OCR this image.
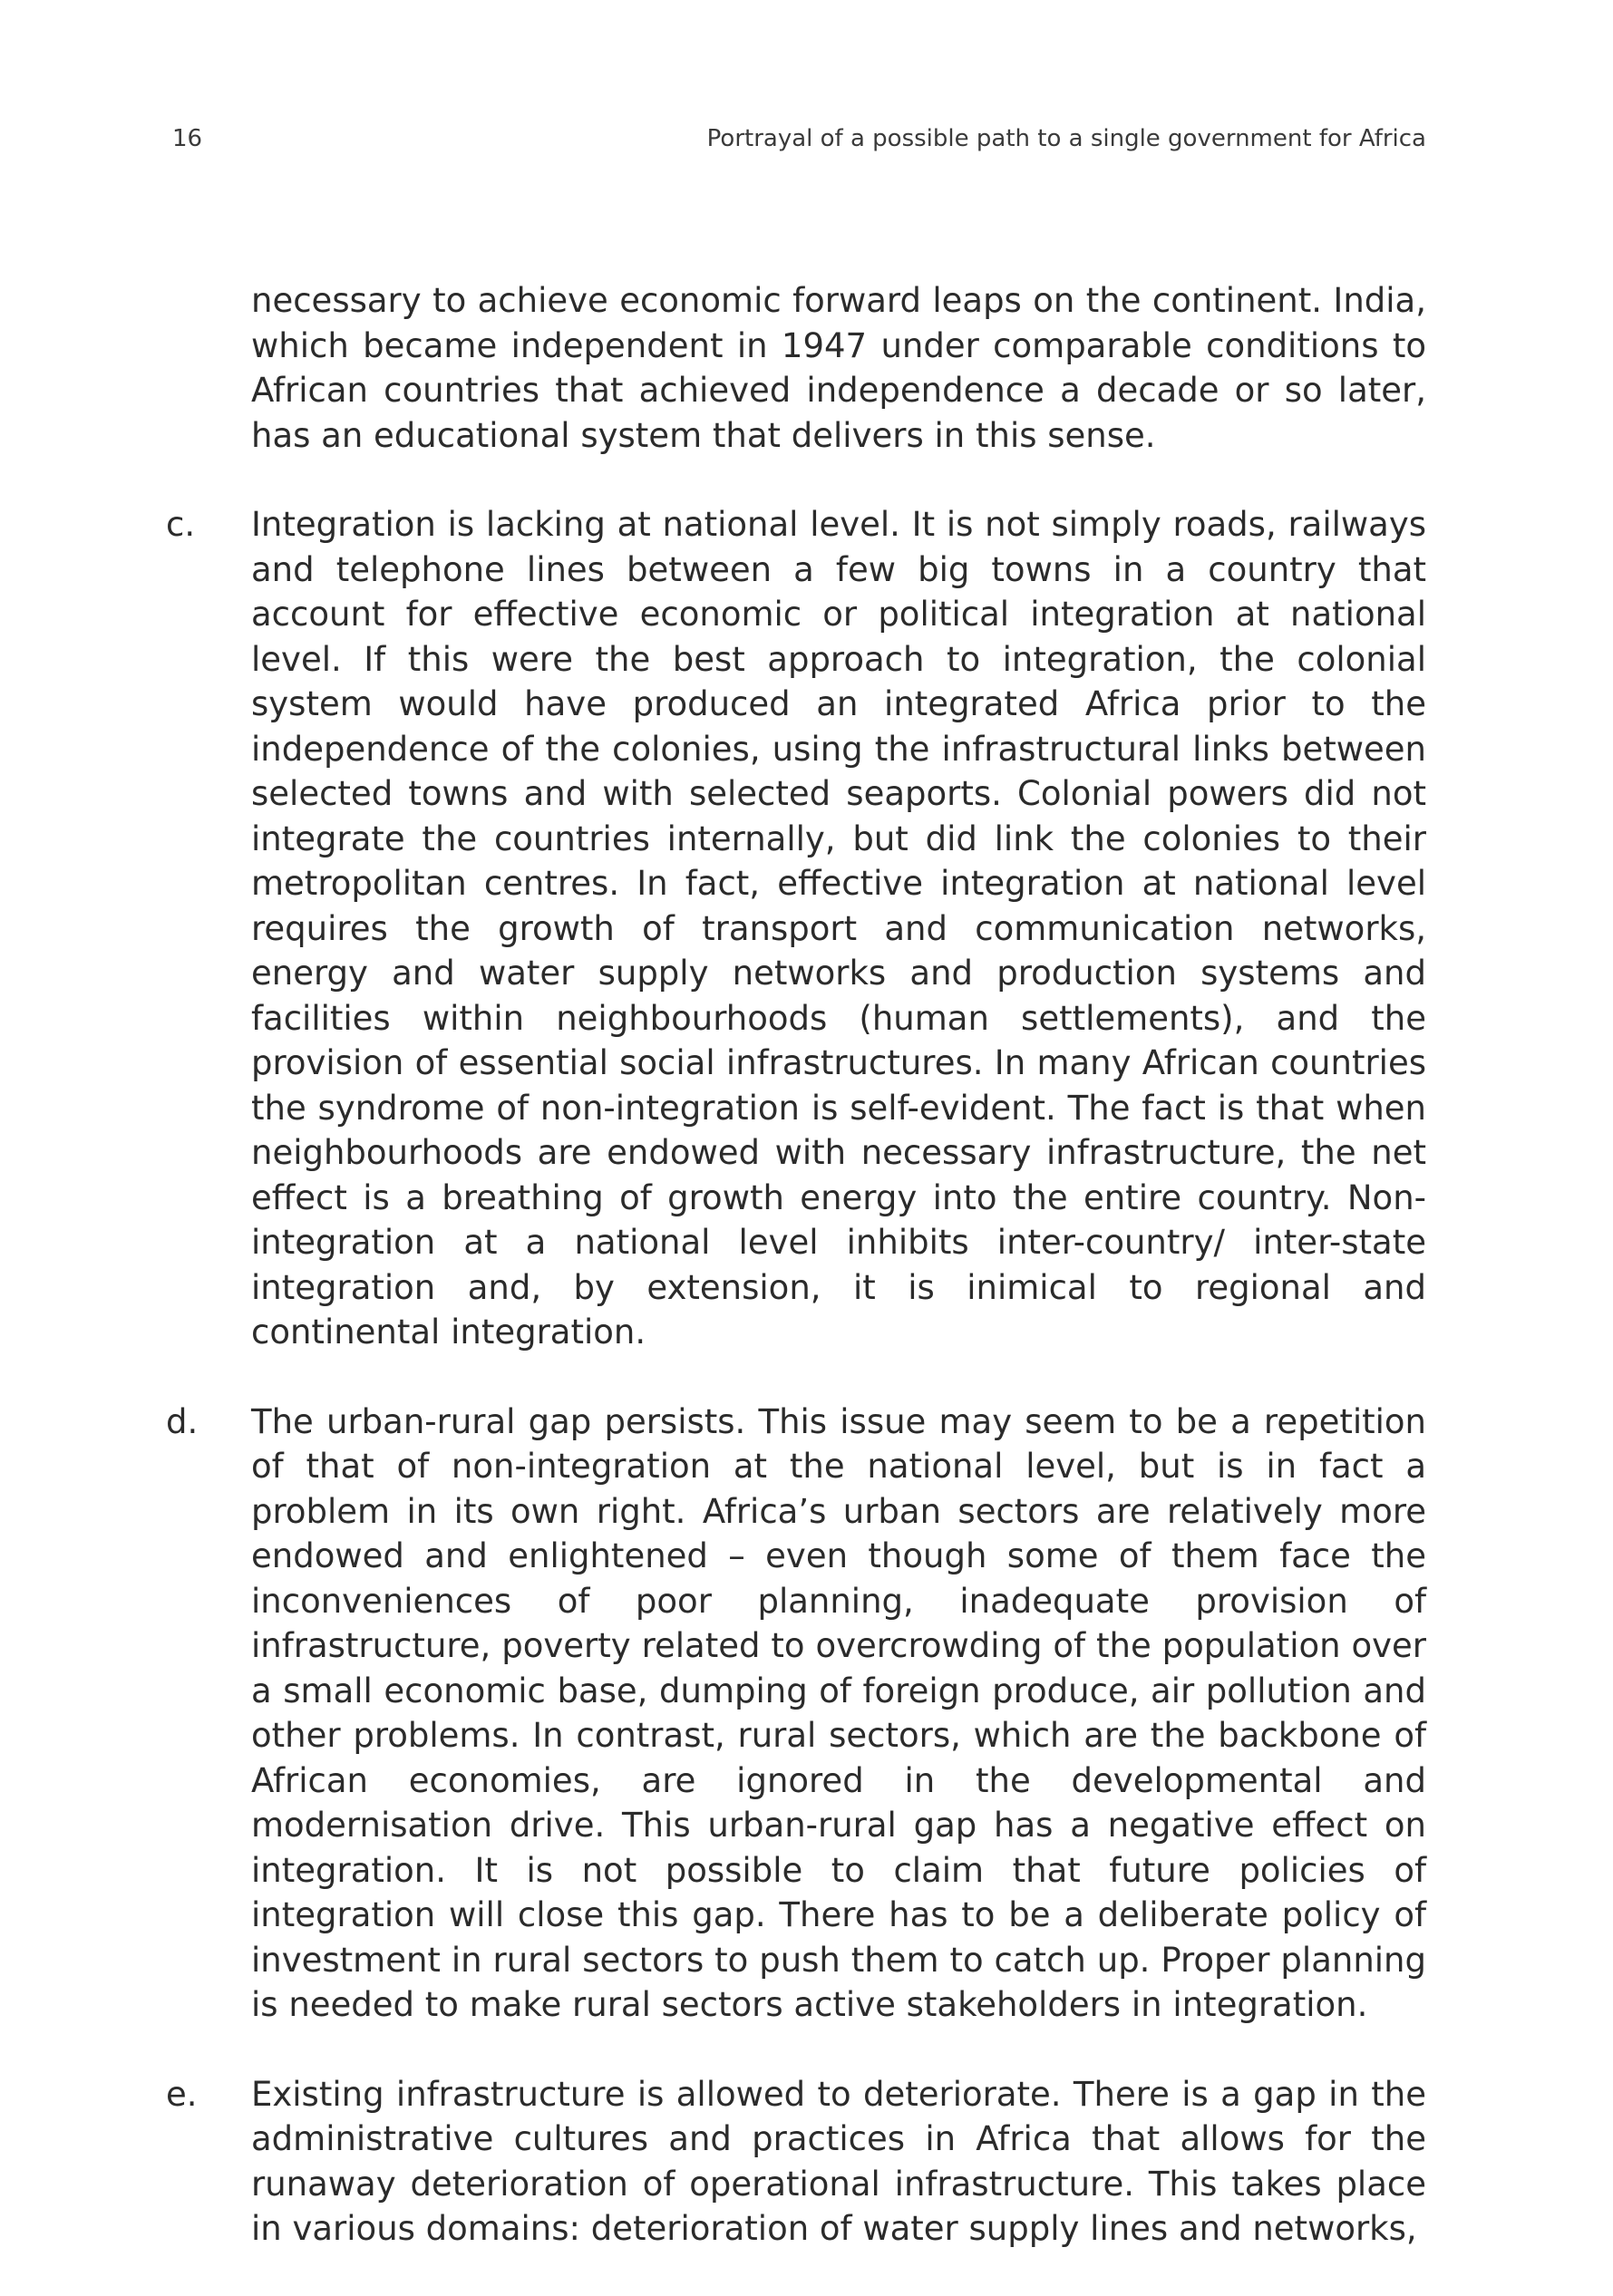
16	Portrayal of a possible path to a single government for Africa

necessary to achieve economic forward leaps on the continent. India, which became independent in 1947 under comparable conditions to African countries that achieved independence a decade or so later, has an educational system that delivers in this sense.

c. Integration is lacking at national level. It is not simply roads, railways and telephone lines between a few big towns in a country that account for effective economic or political integration at national level. If this were the best approach to integration, the colonial system would have produced an integrated Africa prior to the independence of the colonies, using the infrastructural links between selected towns and with selected seaports. Colonial powers did not integrate the countries internally, but did link the colonies to their metropolitan centres. In fact, effective integration at national level requires the growth of transport and communication networks, energy and water supply networks and production systems and facilities within neighbourhoods (human settlements), and the provision of essential social infrastructures. In many African countries the syndrome of non-integration is self-evident. The fact is that when neighbourhoods are endowed with necessary infrastructure, the net effect is a breathing of growth energy into the entire country. Non-integration at a national level inhibits inter-country/ inter-state integration and, by extension, it is inimical to regional and continental integration.
d. The urban-rural gap persists. This issue may seem to be a repetition of that of non-integration at the national level, but is in fact a problem in its own right. Africa’s urban sectors are relatively more endowed and enlightened – even though some of them face the inconveniences of poor planning, inadequate provision of infrastructure, poverty related to overcrowding of the population over a small economic base, dumping of foreign produce, air pollution and other problems. In contrast, rural sectors, which are the backbone of African economies, are ignored in the developmental and modernisation drive. This urban-rural gap has a negative effect on integration. It is not possible to claim that future policies of integration will close this gap. There has to be a deliberate policy of investment in rural sectors to push them to catch up. Proper planning is needed to make rural sectors active stakeholders in integration.
e. Existing infrastructure is allowed to deteriorate. There is a gap in the administrative cultures and practices in Africa that allows for the runaway deterioration of operational infrastructure. This takes place in various domains: deterioration of water supply lines and networks,
